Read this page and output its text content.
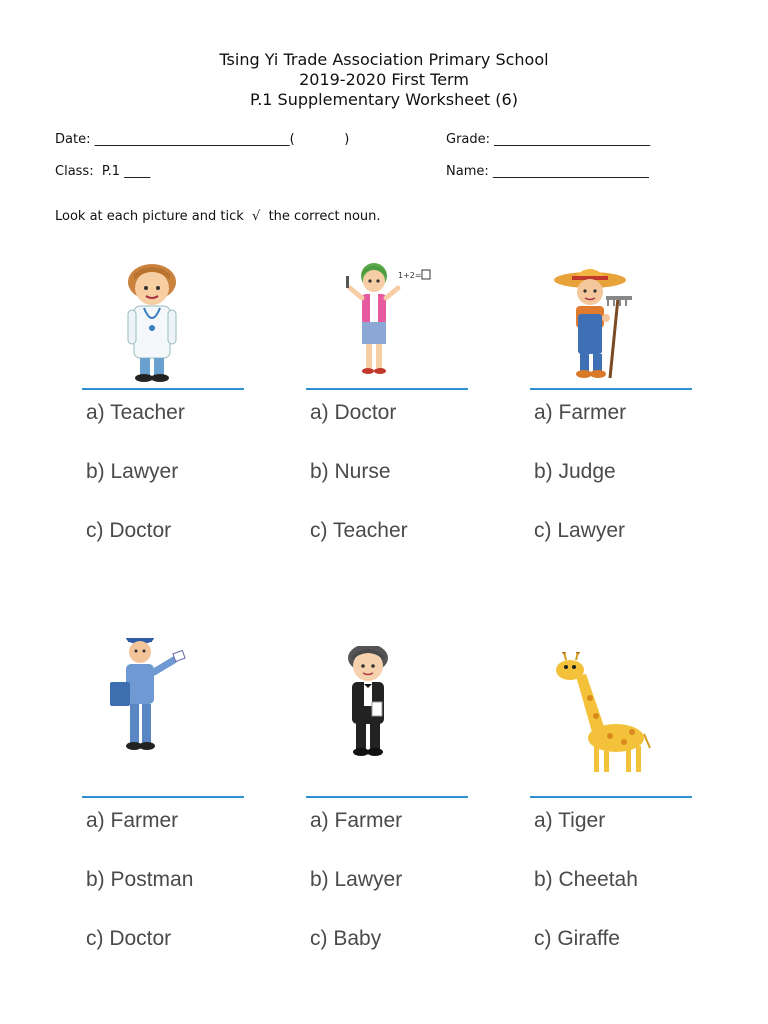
Tsing Yi Trade Association Primary School
2019-2020 First Term
P.1 Supplementary Worksheet (6)
Date: ______________________________(            )	Grade: ________________________
Class:  P.1 ____	Name: ________________________
Look at each picture and tick  √  the correct noun.
a) Teacher
b) Lawyer
c) Doctor
1+2=
a) Doctor
b) Nurse
c) Teacher
a) Farmer
b) Judge
c) Lawyer
a) Farmer
b) Postman
c) Doctor
a) Farmer
b) Lawyer
c) Baby
a) Tiger
b) Cheetah
c) Giraffe
